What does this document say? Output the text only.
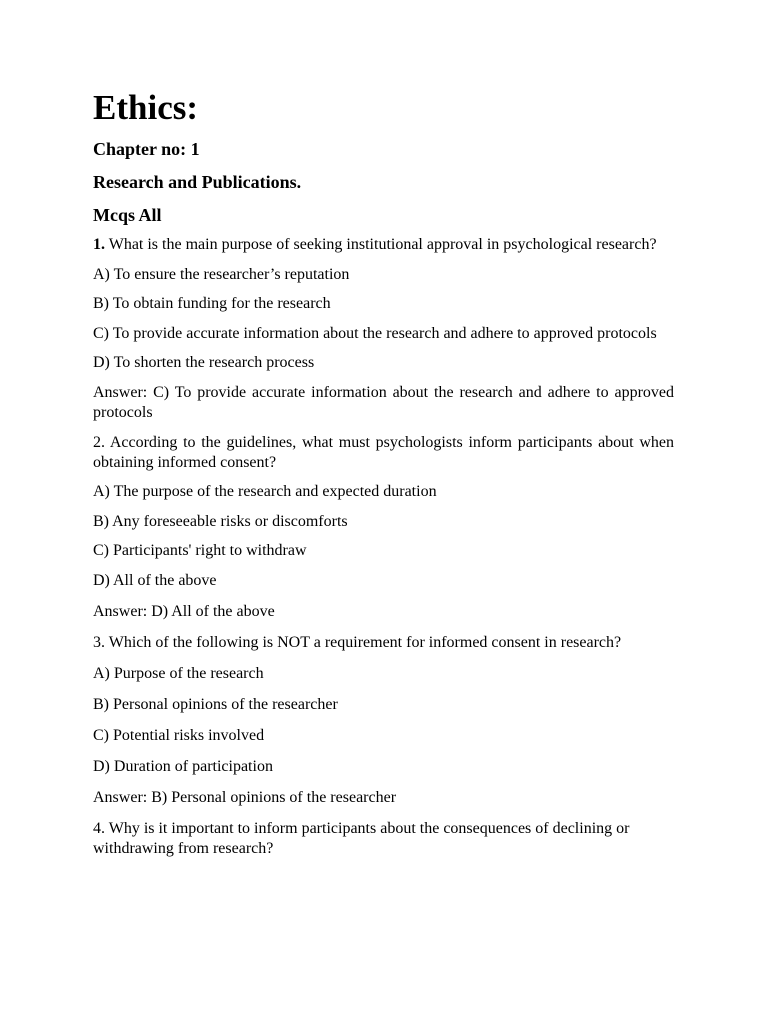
Ethics:
Chapter no: 1
Research and Publications.
Mcqs All
1. What is the main purpose of seeking institutional approval in psychological research?
A) To ensure the researcher’s reputation
B) To obtain funding for the research
C) To provide accurate information about the research and adhere to approved protocols
D) To shorten the research process
Answer: C) To provide accurate information about the research and adhere to approved protocols
2. According to the guidelines, what must psychologists inform participants about when obtaining informed consent?
A) The purpose of the research and expected duration
B) Any foreseeable risks or discomforts
C) Participants' right to withdraw
D) All of the above
Answer: D) All of the above
3. Which of the following is NOT a requirement for informed consent in research?
A) Purpose of the research
B) Personal opinions of the researcher
C) Potential risks involved
D) Duration of participation
Answer: B) Personal opinions of the researcher
4. Why is it important to inform participants about the consequences of declining or withdrawing from research?
